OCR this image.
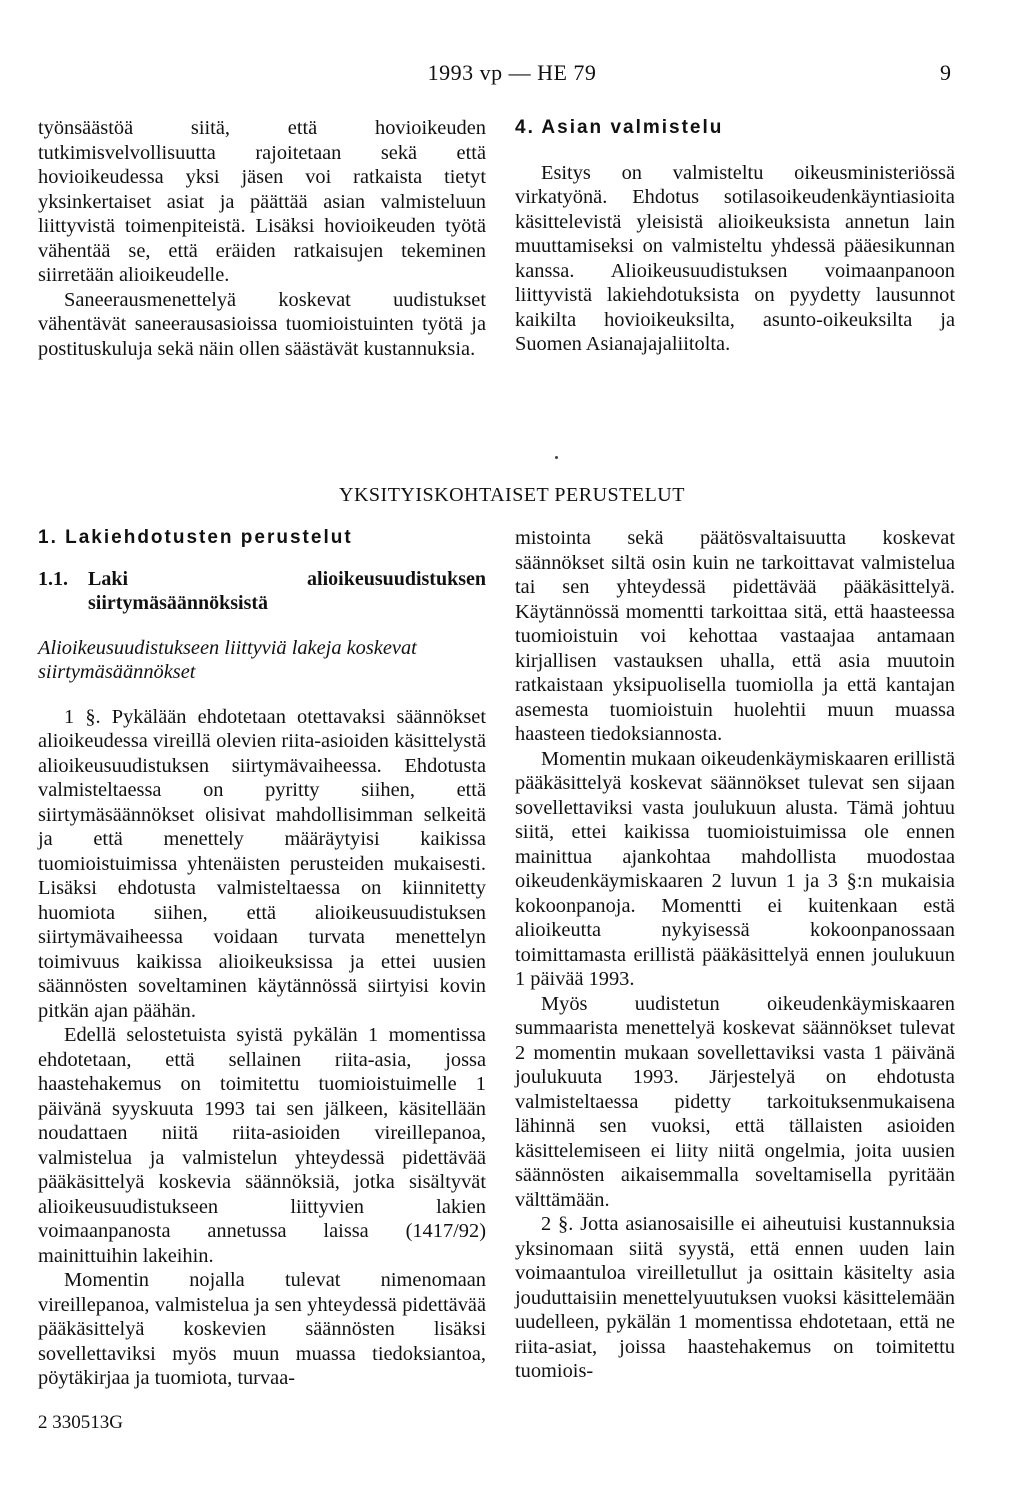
1993 vp — HE 79	9

työnsäästöä siitä, että hovioikeuden tutkimisvelvollisuutta rajoitetaan sekä että hovioikeudessa yksi jäsen voi ratkaista tietyt yksinkertaiset asiat ja päättää asian valmisteluun liittyvistä toimenpiteistä. Lisäksi hovioikeuden työtä vähentää se, että eräiden ratkaisujen tekeminen siirretään alioikeudelle.

Saneerausmenettelyä koskevat uudistukset vähentävät saneerausasioissa tuomioistuinten työtä ja postituskuluja sekä näin ollen säästävät kustannuksia.

4. Asian valmistelu

Esitys on valmisteltu oikeusministeriössä virkatyönä. Ehdotus sotilasoikeudenkäyntiasioita käsittelevistä yleisistä alioikeuksista annetun lain muuttamiseksi on valmisteltu yhdessä pääesikunnan kanssa. Alioikeusuudistuksen voimaanpanoon liittyvistä lakiehdotuksista on pyydetty lausunnot kaikilta hovioikeuksilta, asunto-oikeuksilta ja Suomen Asianajajaliitolta.

YKSITYISKOHTAISET PERUSTELUT

1. Lakiehdotusten perustelut

1.1.	Laki alioikeusuudistuksen siirtymäsäännöksistä

Alioikeusuudistukseen liittyviä lakeja koskevat siirtymäsäännökset

1 §. Pykälään ehdotetaan otettavaksi säännökset alioikeudessa vireillä olevien riita-asioiden käsittelystä alioikeusuudistuksen siirtymävaiheessa. Ehdotusta valmisteltaessa on pyritty siihen, että siirtymäsäännökset olisivat mahdollisimman selkeitä ja että menettely määräytyisi kaikissa tuomioistuimissa yhtenäisten perusteiden mukaisesti. Lisäksi ehdotusta valmisteltaessa on kiinnitetty huomiota siihen, että alioikeusuudistuksen siirtymävaiheessa voidaan turvata menettelyn toimivuus kaikissa alioikeuksissa ja ettei uusien säännösten soveltaminen käytännössä siirtyisi kovin pitkän ajan päähän.

Edellä selostetuista syistä pykälän 1 momentissa ehdotetaan, että sellainen riita-asia, jossa haastehakemus on toimitettu tuomioistuimelle 1 päivänä syyskuuta 1993 tai sen jälkeen, käsitellään noudattaen niitä riita-asioiden vireillepanoa, valmistelua ja valmistelun yhteydessä pidettävää pääkäsittelyä koskevia säännöksiä, jotka sisältyvät alioikeusuudistukseen liittyvien lakien voimaanpanosta annetussa laissa (1417/92) mainittuihin lakeihin.

Momentin nojalla tulevat nimenomaan vireillepanoa, valmistelua ja sen yhteydessä pidettävää pääkäsittelyä koskevien säännösten lisäksi sovellettaviksi myös muun muassa tiedoksiantoa, pöytäkirjaa ja tuomiota, turvaa-

mistointa sekä päätösvaltaisuutta koskevat säännökset siltä osin kuin ne tarkoittavat valmistelua tai sen yhteydessä pidettävää pääkäsittelyä. Käytännössä momentti tarkoittaa sitä, että haasteessa tuomioistuin voi kehottaa vastaajaa antamaan kirjallisen vastauksen uhalla, että asia muutoin ratkaistaan yksipuolisella tuomiolla ja että kantajan asemesta tuomioistuin huolehtii muun muassa haasteen tiedoksiannosta.

Momentin mukaan oikeudenkäymiskaaren erillistä pääkäsittelyä koskevat säännökset tulevat sen sijaan sovellettaviksi vasta joulukuun alusta. Tämä johtuu siitä, ettei kaikissa tuomioistuimissa ole ennen mainittua ajankohtaa mahdollista muodostaa oikeudenkäymiskaaren 2 luvun 1 ja 3 §:n mukaisia kokoonpanoja. Momentti ei kuitenkaan estä alioikeutta nykyisessä kokoonpanossaan toimittamasta erillistä pääkäsittelyä ennen joulukuun 1 päivää 1993.

Myös uudistetun oikeudenkäymiskaaren summaarista menettelyä koskevat säännökset tulevat 2 momentin mukaan sovellettaviksi vasta 1 päivänä joulukuuta 1993. Järjestelyä on ehdotusta valmisteltaessa pidetty tarkoituksenmukaisena lähinnä sen vuoksi, että tällaisten asioiden käsittelemiseen ei liity niitä ongelmia, joita uusien säännösten aikaisemmalla soveltamisella pyritään välttämään.

2 §. Jotta asianosaisille ei aiheutuisi kustannuksia yksinomaan siitä syystä, että ennen uuden lain voimaantuloa vireilletullut ja osittain käsitelty asia jouduttaisiin menettelyuutuksen vuoksi käsittelemään uudelleen, pykälän 1 momentissa ehdotetaan, että ne riita-asiat, joissa haastehakemus on toimitettu tuomiois-

2 330513G
